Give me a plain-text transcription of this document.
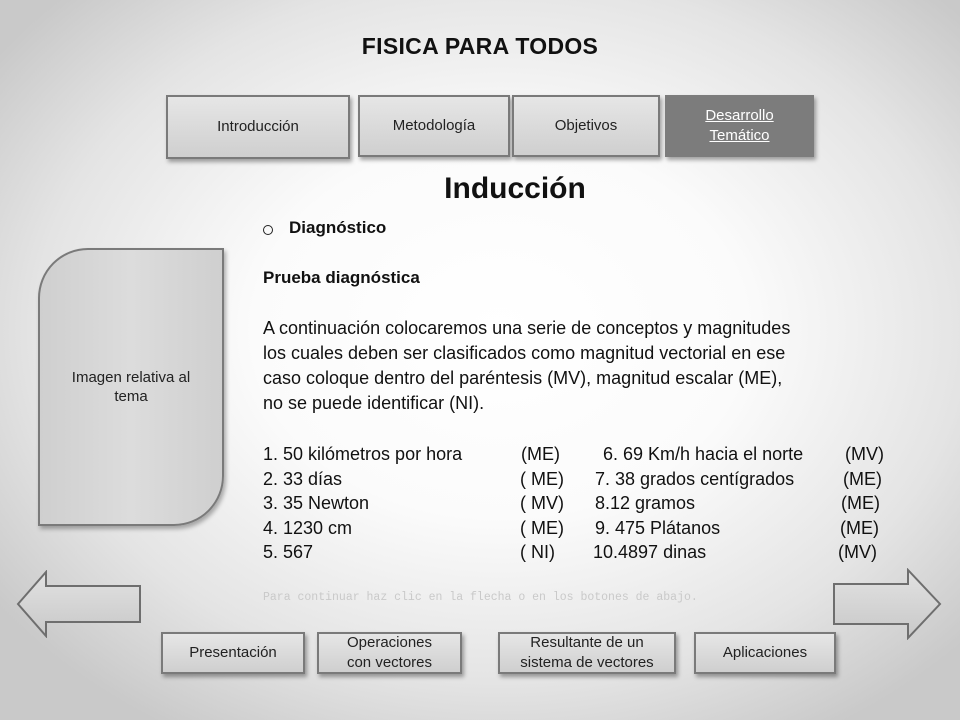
FISICA PARA TODOS
Introducción	Metodología	Objetivos
Desarrollo
Temático
Imagen relativa al
tema
Inducción
Diagnóstico
Prueba diagnóstica
A continuación colocaremos una serie de conceptos y magnitudes
los cuales deben ser clasificados como magnitud vectorial en ese
caso coloque dentro del paréntesis (MV), magnitud escalar (ME),
no se puede identificar (NI).
1. 50 kilómetros por hora	(ME) 6. 69 Km/h hacia el norte (MV)
2. 33 días	( ME) 7. 38 grados centígrados	(ME)
3. 35 Newton	( MV) 8.12 gramos	(ME)
4. 1230 cm	( ME) 9. 475 Plátanos	(ME)
5. 567	( NI) 10.4897 dinas	(MV)
Para continuar haz clic en la flecha o en los botones de abajo.
Presentación
Operaciones
con vectores
Resultante de un
sistema de vectores
Aplicaciones
